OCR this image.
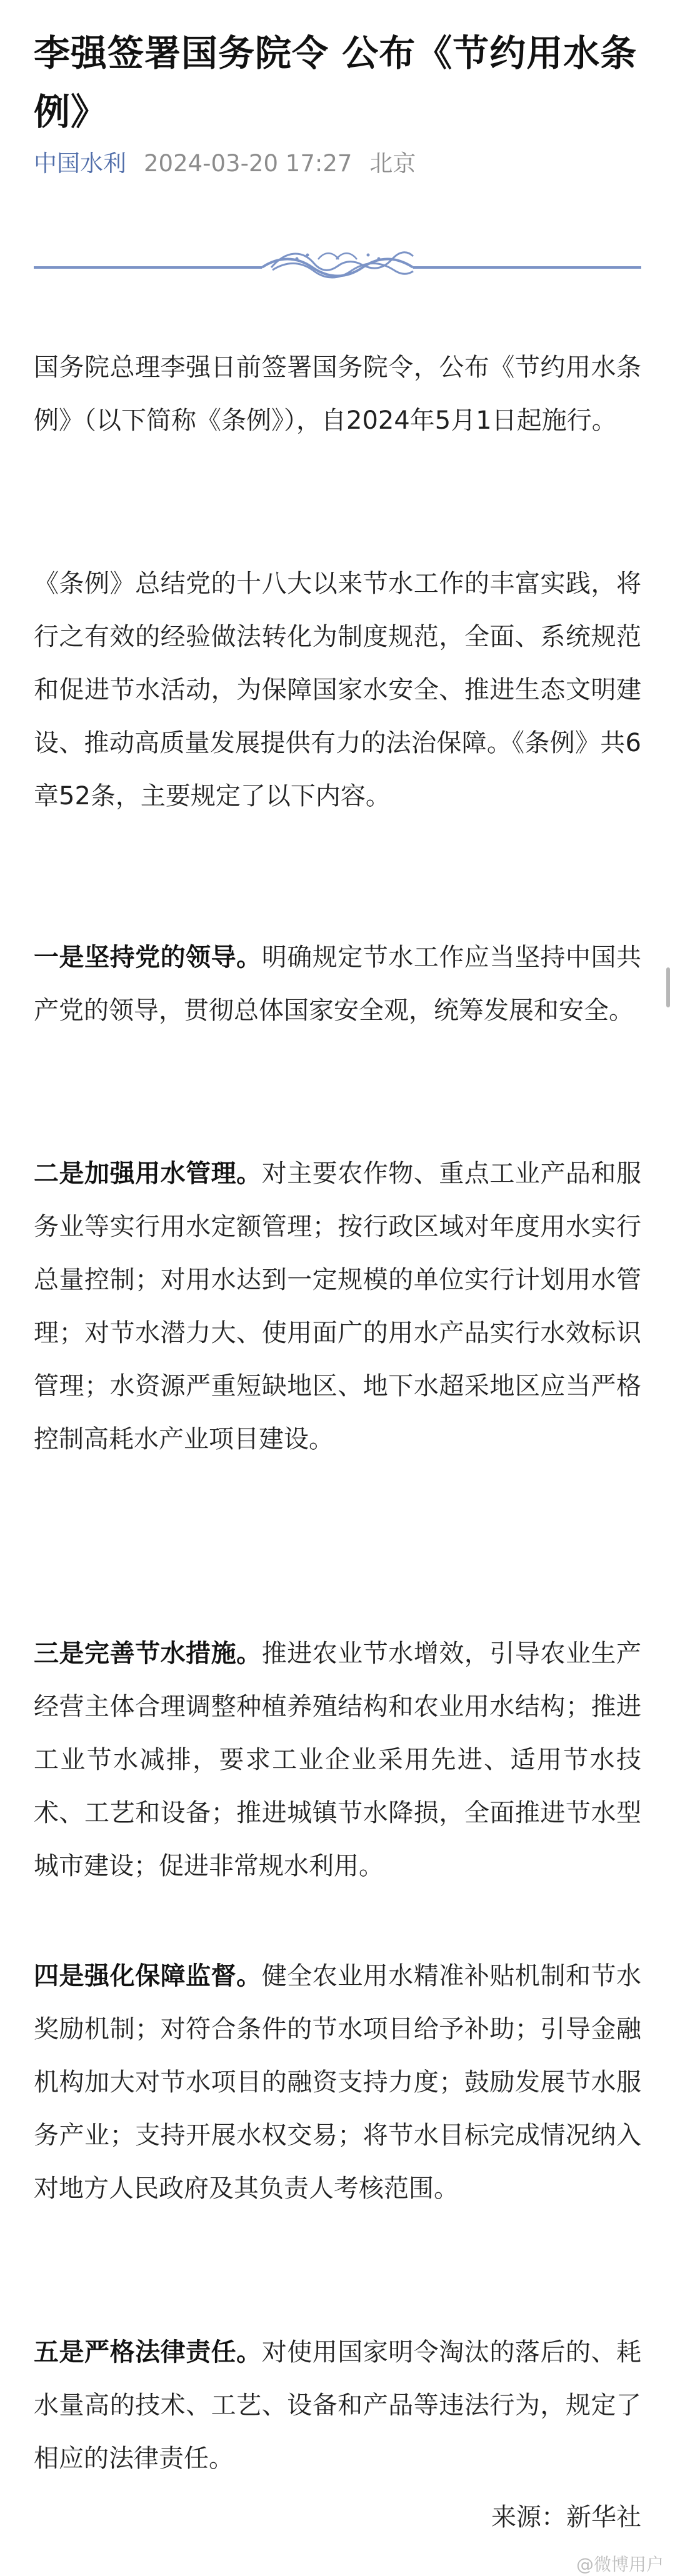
李强签署国务院令 公布《节约用水条例》
中国水利 2024-03-20 17:27 北京

国务院总理李强日前签署国务院令，公布《节约用水条例》（以下简称《条例》），自2024年5月1日起施行。

《条例》总结党的十八大以来节水工作的丰富实践，将行之有效的经验做法转化为制度规范，全面、系统规范和促进节水活动，为保障国家水安全、推进生态文明建设、推动高质量发展提供有力的法治保障。《条例》共6章52条，主要规定了以下内容。

一是坚持党的领导。明确规定节水工作应当坚持中国共产党的领导，贯彻总体国家安全观，统筹发展和安全。

二是加强用水管理。对主要农作物、重点工业产品和服务业等实行用水定额管理；按行政区域对年度用水实行总量控制；对用水达到一定规模的单位实行计划用水管理；对节水潜力大、使用面广的用水产品实行水效标识管理；水资源严重短缺地区、地下水超采地区应当严格控制高耗水产业项目建设。

三是完善节水措施。推进农业节水增效，引导农业生产经营主体合理调整种植养殖结构和农业用水结构；推进工业节水减排，要求工业企业采用先进、适用节水技术、工艺和设备；推进城镇节水降损，全面推进节水型城市建设；促进非常规水利用。

四是强化保障监督。健全农业用水精准补贴机制和节水奖励机制；对符合条件的节水项目给予补助；引导金融机构加大对节水项目的融资支持力度；鼓励发展节水服务产业；支持开展水权交易；将节水目标完成情况纳入对地方人民政府及其负责人考核范围。

五是严格法律责任。对使用国家明令淘汰的落后的、耗水量高的技术、工艺、设备和产品等违法行为，规定了相应的法律责任。

来源：新华社
@微博用户
